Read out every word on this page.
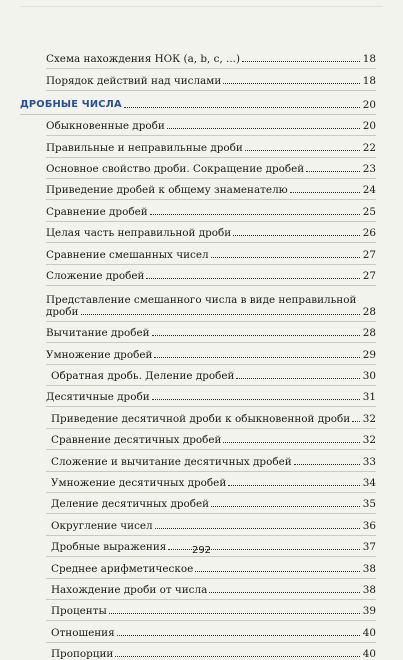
Схема нахождения НОК (a, b, c, ...)	18
Порядок действий над числами	18
ДРОБНЫЕ ЧИСЛА	20
Обыкновенные дроби	20
Правильные и неправильные дроби	22
Основное свойство дроби. Сокращение дробей	23
Приведение дробей к общему знаменателю	24
Сравнение дробей	25
Целая часть неправильной дроби	26
Сравнение смешанных чисел	27
Сложение дробей	27
Представление смешанного числа в виде неправильной
дроби	28
Вычитание дробей	28
Умножение дробей	29
Обратная дробь. Деление дробей	30
Десятичные дроби	31
Приведение десятичной дроби к обыкновенной дроби 32
Сравнение десятичных дробей	32
Сложение и вычитание десятичных дробей	33
Умножение десятичных дробей	34
Деление десятичных дробей	35
Округление чисел	36
Дробные выражения	37
Среднее арифметическое	38
Нахождение дроби от числа	38
Проценты	39
Отношения	40
Пропорции	40
292
